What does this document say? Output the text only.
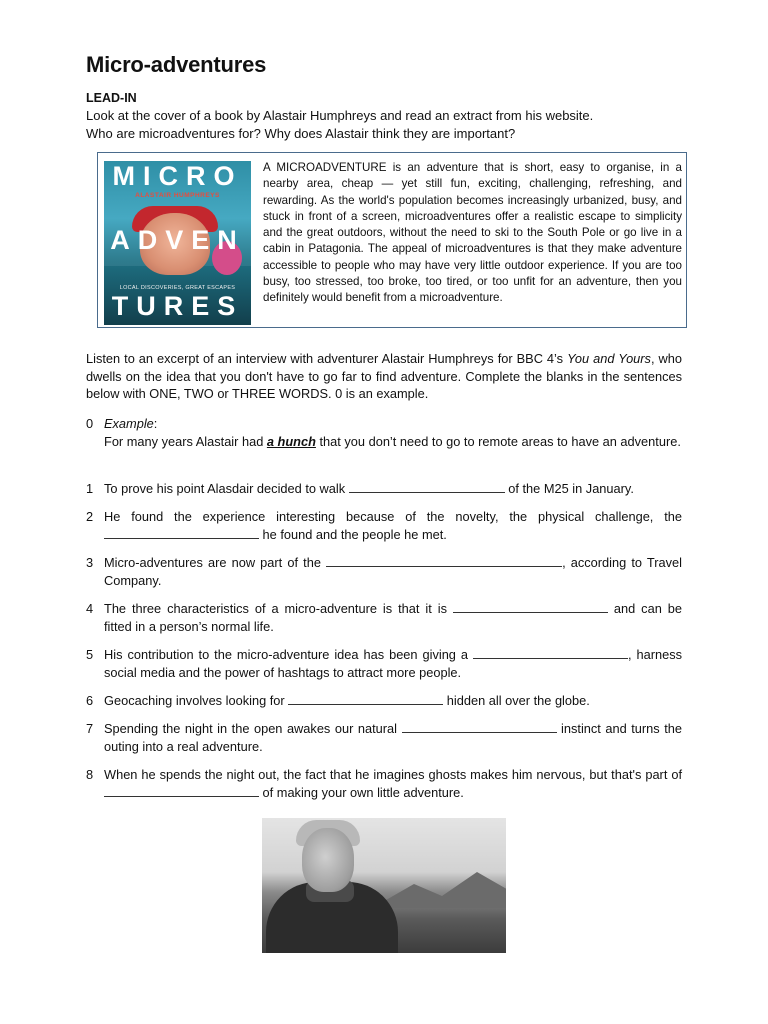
Micro-adventures
LEAD-IN
Look at the cover of a book by Alastair Humphreys and read an extract from his website.
Who are microadventures for? Why does Alastair think they are important?
MICRO
ALASTAIR HUMPHREYS
ADVEN
LOCAL DISCOVERIES, GREAT ESCAPES
TURES
A MICROADVENTURE is an adventure that is short, easy to organise, in a nearby area, cheap — yet still fun, exciting, challenging, refreshing, and rewarding. As the world's population becomes increasingly urbanized, busy, and stuck in front of a screen, microadventures offer a realistic escape to simplicity and the great outdoors, without the need to ski to the South Pole or go live in a cabin in Patagonia. The appeal of microadventures is that they make adventure accessible to people who may have very little outdoor experience. If you are too busy, too stressed, too broke, too tired, or too unfit for an adventure, then you definitely would benefit from a microadventure.
Listen to an excerpt of an interview with adventurer Alastair Humphreys for BBC 4’s You and Yours, who dwells on the idea that you don't have to go far to find adventure. Complete the blanks in the sentences below with ONE, TWO or THREE WORDS. 0 is an example.
0 Example:
For many years Alastair had a hunch that you don’t need to go to remote areas to have an adventure.
1 To prove his point Alasdair decided to walk	of the M25 in January.
2 He found the experience interesting because of the novelty, the physical challenge, the  he found and the people he met.
3 Micro-adventures are now part of the	, according to Travel Company.
4 The three characteristics of a micro-adventure is that it is	and can be fitted in a person’s normal life.
5 His contribution to the micro-adventure idea has been giving a	, harness social media and the power of hashtags to attract more people.
6 Geocaching involves looking for	hidden all over the globe.
7 Spending the night in the open awakes our natural	instinct and turns the outing into a real adventure.
8 When he spends the night out, the fact that he imagines ghosts makes him nervous, but that's part of  of making your own little adventure.
